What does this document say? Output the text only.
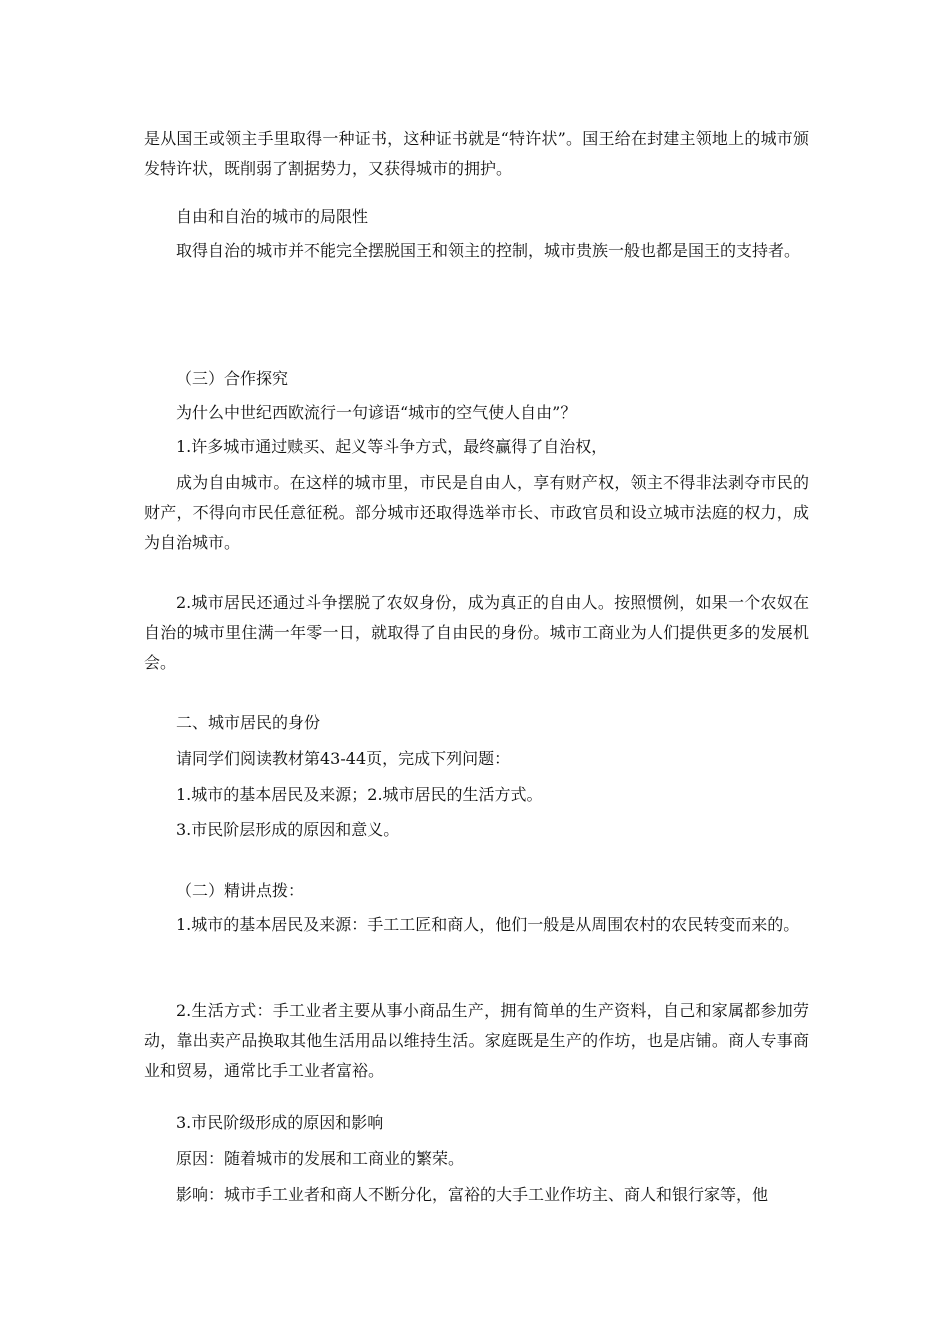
是从国王或领主手里取得一种证书，这种证书就是“特许状”。国王给在封建主领地上的城市颁发特许状，既削弱了割据势力，又获得城市的拥护。

自由和自治的城市的局限性

取得自治的城市并不能完全摆脱国王和领主的控制，城市贵族一般也都是国王的支持者。

（三）合作探究

为什么中世纪西欧流行一句谚语“城市的空气使人自由”？

1.许多城市通过赎买、起义等斗争方式，最终赢得了自治权，

成为自由城市。在这样的城市里，市民是自由人，享有财产权，领主不得非法剥夺市民的财产，不得向市民任意征税。部分城市还取得选举市长、市政官员和设立城市法庭的权力，成为自治城市。

2.城市居民还通过斗争摆脱了农奴身份，成为真正的自由人。按照惯例，如果一个农奴在自治的城市里住满一年零一日，就取得了自由民的身份。城市工商业为人们提供更多的发展机会。

二、城市居民的身份

请同学们阅读教材第43-44页，完成下列问题：

1.城市的基本居民及来源；2.城市居民的生活方式。

3.市民阶层形成的原因和意义。

（二）精讲点拨：

1.城市的基本居民及来源：手工工匠和商人，他们一般是从周围农村的农民转变而来的。

2.生活方式：手工业者主要从事小商品生产，拥有简单的生产资料，自己和家属都参加劳动，靠出卖产品换取其他生活用品以维持生活。家庭既是生产的作坊，也是店铺。商人专事商业和贸易，通常比手工业者富裕。

3.市民阶级形成的原因和影响

原因：随着城市的发展和工商业的繁荣。

影响：城市手工业者和商人不断分化，富裕的大手工业作坊主、商人和银行家等，他
